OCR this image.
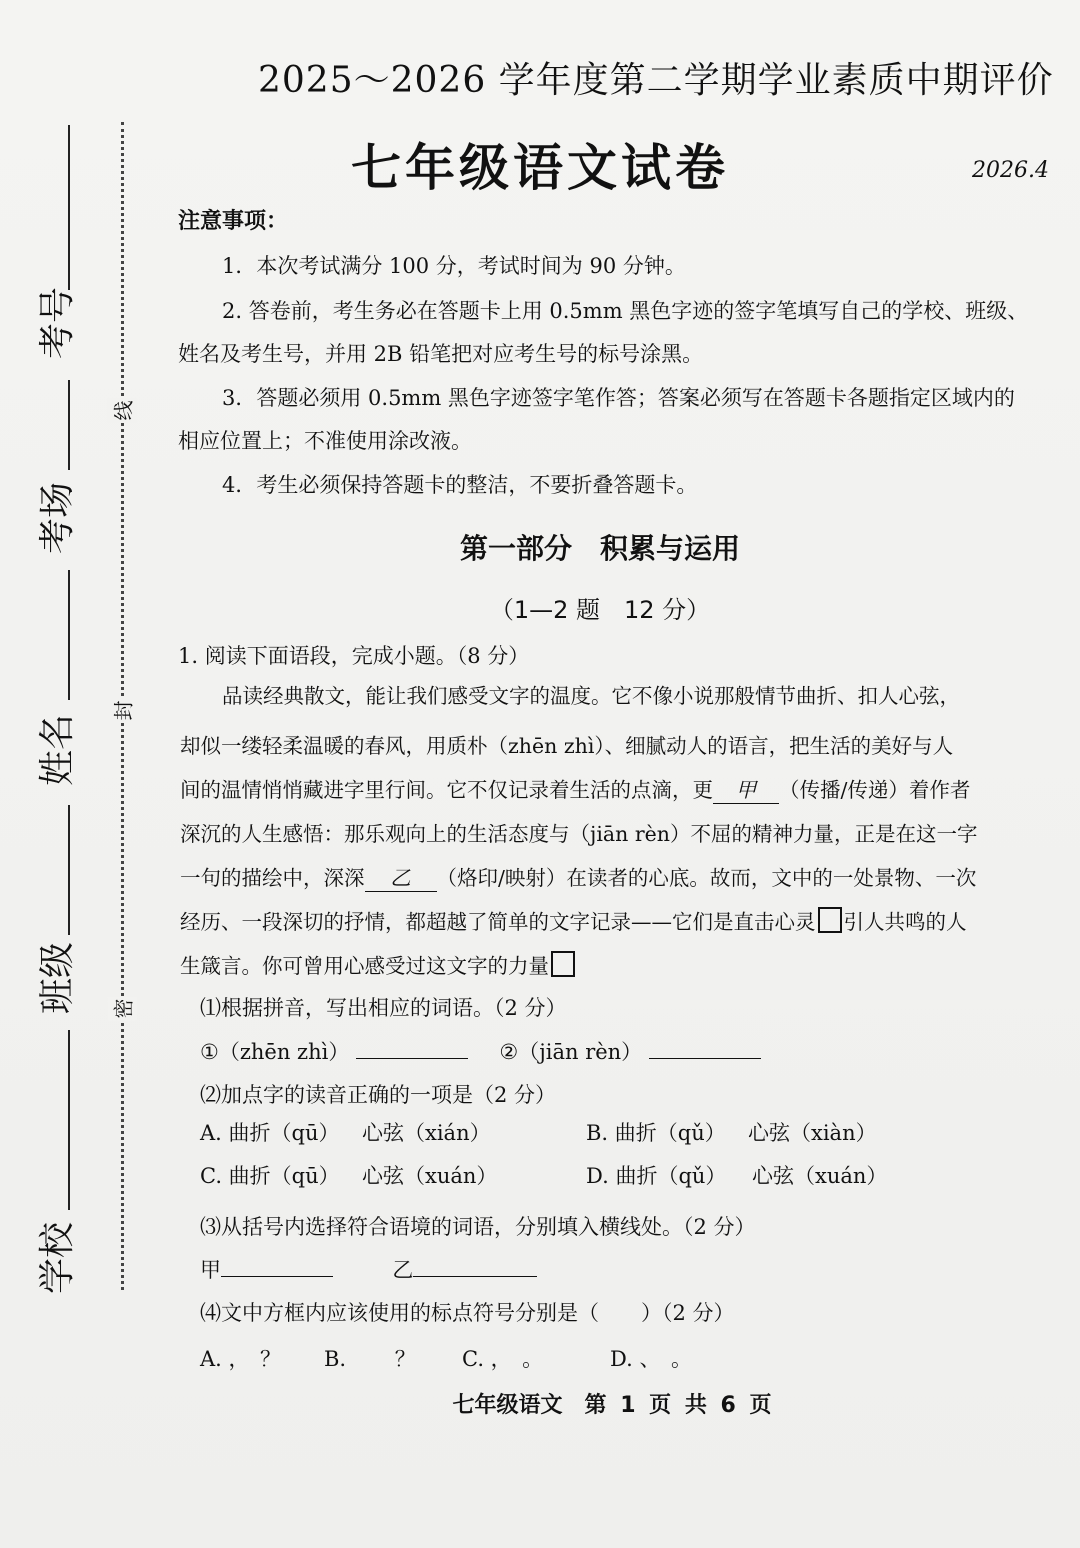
考号
考场
姓名
班级
学校
线
封
密
2025～2026 学年度第二学期学业素质中期评价
七年级语文试卷	2026.4
注意事项：
1．本次考试满分 100 分，考试时间为 90 分钟。
2. 答卷前，考生务必在答题卡上用 0.5mm 黑色字迹的签字笔填写自己的学校、班级、
姓名及考生号，并用 2B 铅笔把对应考生号的标号涂黑。
3．答题必须用 0.5mm 黑色字迹签字笔作答；答案必须写在答题卡各题指定区域内的
相应位置上；不准使用涂改液。
4．考生必须保持答题卡的整洁，不要折叠答题卡。
第一部分　积累与运用
（1—2 题　12 分）
1. 阅读下面语段，完成小题。（8 分）
品读经典散文，能让我们感受文字的温度。它不像小说那般情节曲折、扣人心弦，
却似一缕轻柔温暖的春风，用质朴（zhēn zhì）、细腻动人的语言，把生活的美好与人
间的温情悄悄藏进字里行间。它不仅记录着生活的点滴，更 甲 （传播/传递）着作者
深沉的人生感悟：那乐观向上的生活态度与（jiān rèn）不屈的精神力量，正是在这一字
一句的描绘中，深深 乙 （烙印/映射）在读者的心底。故而，文中的一处景物、一次
经历、一段深切的抒情，都超越了简单的文字记录——它们是直击心灵 引人共鸣的人
生箴言。你可曾用心感受过这文字的力量
⑴根据拼音，写出相应的词语。（2 分）
①（zhēn zhì）	②（jiān rèn）
⑵加点字的读音正确的一项是（2 分）
A. 曲折（qū） 心弦（xián）	B. 曲折（qǔ） 心弦（xiàn）
C. 曲折（qū） 心弦（xuán）	D. 曲折（qǔ） 心弦（xuán）
⑶从括号内选择符合语境的词语，分别填入横线处。（2 分）
甲	乙
⑷文中方框内应该使用的标点符号分别是（　　）（2 分）
A. ，　？ B. 　　？ C. ，　。	D. 、　。
七年级语文　第 1 页 共 6 页
